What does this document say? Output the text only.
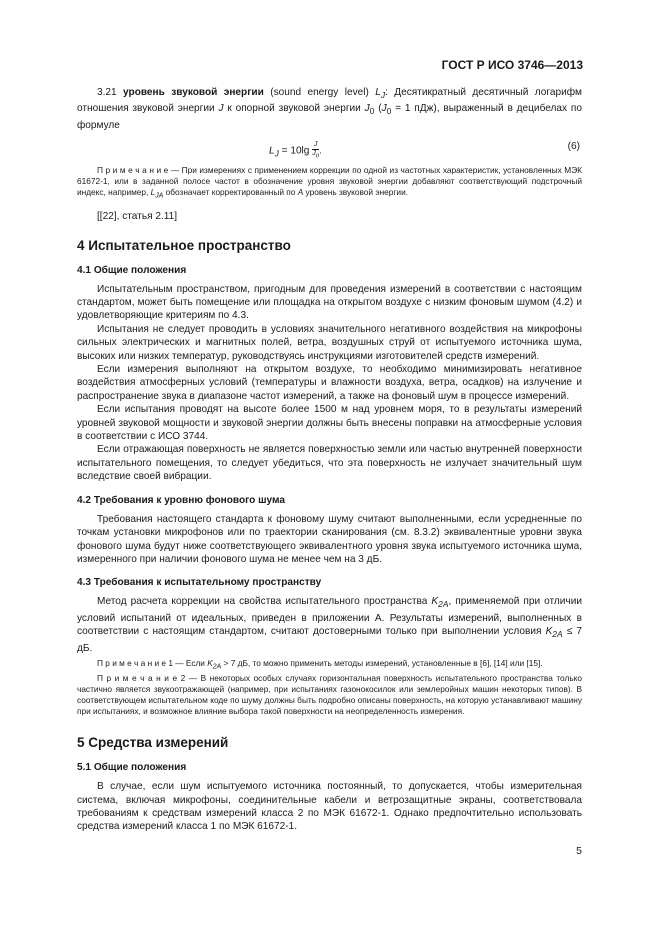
ГОСТ Р ИСО 3746—2013

3.21 уровень звуковой энергии (sound energy level) $L_J$: Десятикратный десятичный логарифм отношения звуковой энергии J к опорной звуковой энергии $J_0$ ($J_0 = 1$ пДж), выраженный в децибелах по формуле

$L_J = 10\lg \frac{J}{J_0}$ .	(6)

П р и м е ч а н и е — При измерениях с применением коррекции по одной из частотных характеристик, установленных МЭК 61672-1, или в заданной полосе частот в обозначение уровня звуковой энергии добавляют соответствующий подстрочный индекс, например, $L_{JA}$ обозначает корректированный по A уровень звуковой энергии.

[[22], статья 2.11]

4 Испытательное пространство
4.1 Общие положения

Испытательным пространством, пригодным для проведения измерений в соответствии с настоящим стандартом, может быть помещение или площадка на открытом воздухе с низким фоновым шумом (4.2) и удовлетворяющие критериям по 4.3.

Испытания не следует проводить в условиях значительного негативного воздействия на микрофоны сильных электрических и магнитных полей, ветра, воздушных струй от испытуемого источника шума, высоких или низких температур, руководствуясь инструкциями изготовителей средств измерений.

Если измерения выполняют на открытом воздухе, то необходимо минимизировать негативное воздействия атмосферных условий (температуры и влажности воздуха, ветра, осадков) на излучение и распространение звука в диапазоне частот измерений, а также на фоновый шум в процессе измерений.

Если испытания проводят на высоте более 1500 м над уровнем моря, то в результаты измерений уровней звуковой мощности и звуковой энергии должны быть внесены поправки на атмосферные условия в соответствии с ИСО 3744.

Если отражающая поверхность не является поверхностью земли или частью внутренней поверхности испытательного помещения, то следует убедиться, что эта поверхность не излучает значительный шум вследствие своей вибрации.

4.2 Требования к уровню фонового шума

Требования настоящего стандарта к фоновому шуму считают выполненными, если усредненные по точкам установки микрофонов или по траектории сканирования (см. 8.3.2) эквивалентные уровни звука фонового шума будут ниже соответствующего эквивалентного уровня звука испытуемого источника шума, измеренного при наличии фонового шума не менее чем на 3 дБ.

4.3 Требования к испытательному пространству

Метод расчета коррекции на свойства испытательного пространства $K_{2A}$, применяемой при отличии условий испытаний от идеальных, приведен в приложении А. Результаты измерений, выполненных в соответствии с настоящим стандартом, считают достоверными только при выполнении условия $K_{2A} \le 7$ дБ.

П р и м е ч а н и е 1 — Если $K_{2A} > 7$ дБ, то можно применить методы измерений, установленные в [6], [14] или [15].

П р и м е ч а н и е 2 — В некоторых особых случаях горизонтальная поверхность испытательного пространства только частично является звукоотражающей (например, при испытаниях газонокосилок или землеройных машин некоторых типов). В соответствующем испытательном коде по шуму должны быть подробно описаны поверхность, на которую устанавливают машину при испытаниях, и возможное влияние выбора такой поверхности на неопределенность измерения.

5 Средства измерений
5.1 Общие положения

В случае, если шум испытуемого источника постоянный, то допускается, чтобы измерительная система, включая микрофоны, соединительные кабели и ветрозащитные экраны, соответствовала требованиям к средствам измерений класса 2 по МЭК 61672-1. Однако предпочтительно использовать средства измерений класса 1 по МЭК 61672-1.

5
